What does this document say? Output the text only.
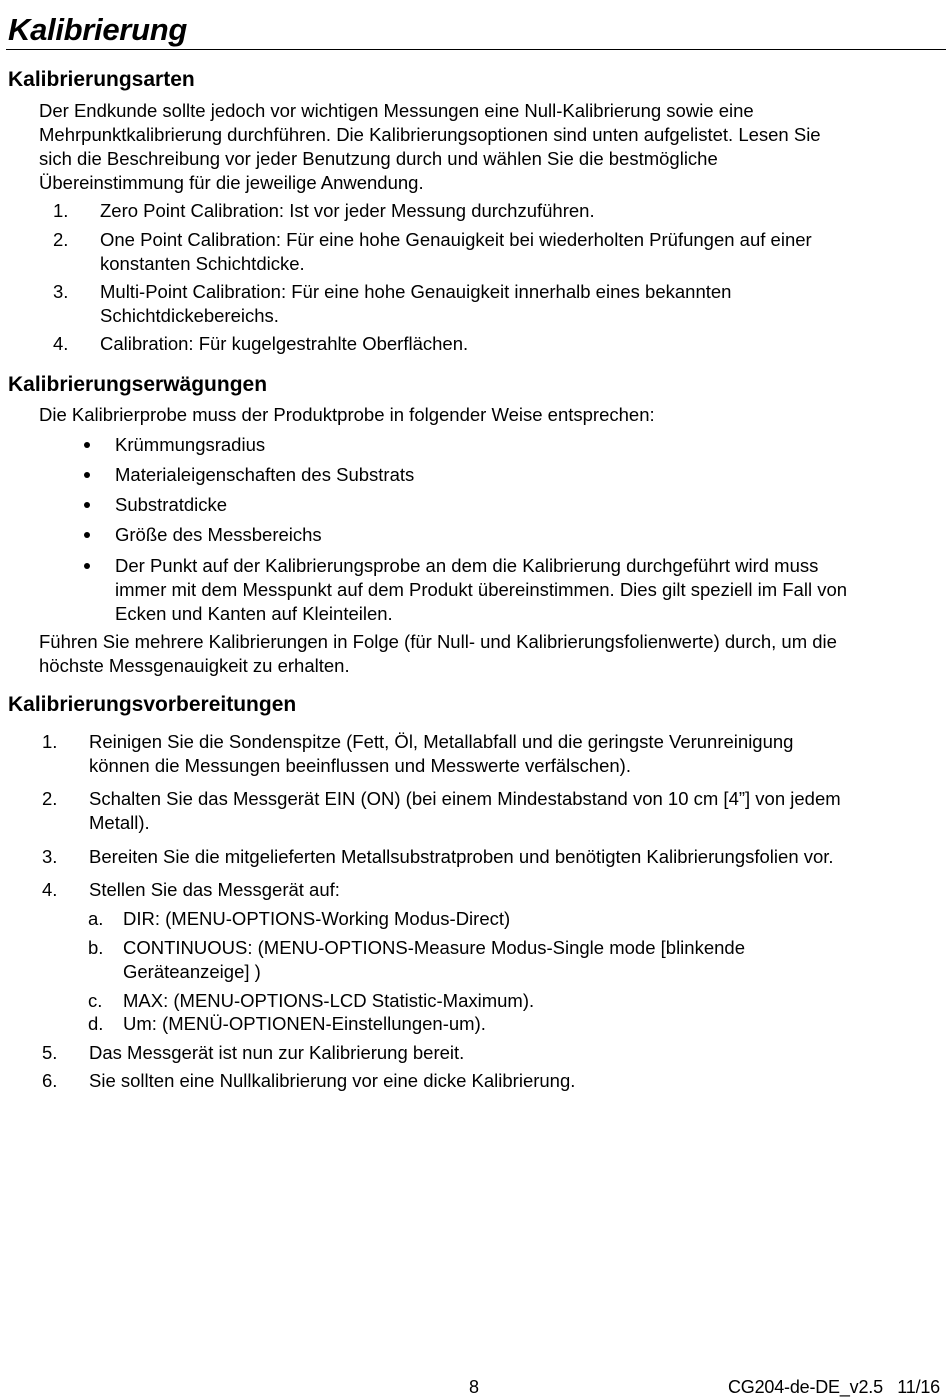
Kalibrierung
Kalibrierungsarten
Der Endkunde sollte jedoch vor wichtigen Messungen eine Null-Kalibrierung sowie eine
Mehrpunktkalibrierung durchführen. Die Kalibrierungsoptionen sind unten aufgelistet. Lesen Sie
sich die Beschreibung vor jeder Benutzung durch und wählen Sie die bestmögliche
Übereinstimmung für die jeweilige Anwendung.
1. Zero Point Calibration: Ist vor jeder Messung durchzuführen.
2. One Point Calibration: Für eine hohe Genauigkeit bei wiederholten Prüfungen auf einer
konstanten Schichtdicke.
3. Multi-Point Calibration: Für eine hohe Genauigkeit innerhalb eines bekannten
Schichtdickebereichs.
4. Calibration: Für kugelgestrahlte Oberflächen.
Kalibrierungserwägungen
Die Kalibrierprobe muss der Produktprobe in folgender Weise entsprechen:
Krümmungsradius
Materialeigenschaften des Substrats
Substratdicke
Größe des Messbereichs
Der Punkt auf der Kalibrierungsprobe an dem die Kalibrierung durchgeführt wird muss
immer mit dem Messpunkt auf dem Produkt übereinstimmen. Dies gilt speziell im Fall von
Ecken und Kanten auf Kleinteilen.
Führen Sie mehrere Kalibrierungen in Folge (für Null- und Kalibrierungsfolienwerte) durch, um die
höchste Messgenauigkeit zu erhalten.
Kalibrierungsvorbereitungen
1. Reinigen Sie die Sondenspitze (Fett, Öl, Metallabfall und die geringste Verunreinigung
können die Messungen beeinflussen und Messwerte verfälschen).
2. Schalten Sie das Messgerät EIN (ON) (bei einem Mindestabstand von 10 cm [4”] von jedem
Metall).
3. Bereiten Sie die mitgelieferten Metallsubstratproben und benötigten Kalibrierungsfolien vor.
4. Stellen Sie das Messgerät auf:
a. DIR: (MENU-OPTIONS-Working Modus-Direct)
b. CONTINUOUS: (MENU-OPTIONS-Measure Modus-Single mode [blinkende
Geräteanzeige] )
c. MAX: (MENU-OPTIONS-LCD Statistic-Maximum).
d. Um: (MENÜ-OPTIONEN-Einstellungen-um).
5. Das Messgerät ist nun zur Kalibrierung bereit.
6. Sie sollten eine Nullkalibrierung vor eine dicke Kalibrierung.
8	CG204-de-DE_v2.5   11/16
